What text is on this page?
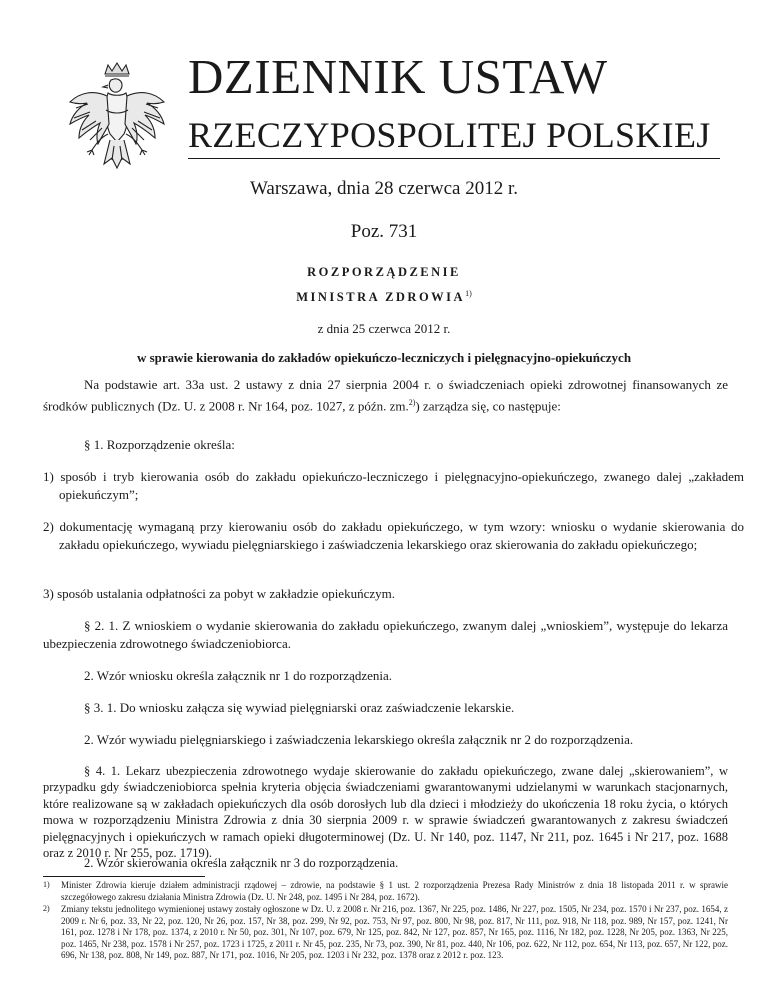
DZIENNIK USTAW
RZECZYPOSPOLITEJ POLSKIEJ
Warszawa, dnia 28 czerwca 2012 r.
Poz. 731
ROZPORZĄDZENIE
MINISTRA ZDROWIA$^{1)}$
z dnia 25 czerwca 2012 r.
w sprawie kierowania do zakładów opiekuńczo-leczniczych i pielęgnacyjno-opiekuńczych
Na podstawie art. 33a ust. 2 ustawy z dnia 27 sierpnia 2004 r. o świadczeniach opieki zdrowotnej finansowanych ze środków publicznych (Dz. U. z 2008 r. Nr 164, poz. 1027, z późn. zm.$^{2)}$) zarządza się, co następuje:
§ 1. Rozporządzenie określa:
1) sposób i tryb kierowania osób do zakładu opiekuńczo-leczniczego i pielęgnacyjno-opiekuńczego, zwanego dalej „zakładem opiekuńczym”;
2) dokumentację wymaganą przy kierowaniu osób do zakładu opiekuńczego, w tym wzory: wniosku o wydanie skierowania do zakładu opiekuńczego, wywiadu pielęgniarskiego i zaświadczenia lekarskiego oraz skierowania do zakładu opiekuńczego;
3) sposób ustalania odpłatności za pobyt w zakładzie opiekuńczym.
§ 2. 1. Z wnioskiem o wydanie skierowania do zakładu opiekuńczego, zwanym dalej „wnioskiem”, występuje do lekarza ubezpieczenia zdrowotnego świadczeniobiorca.
2. Wzór wniosku określa załącznik nr 1 do rozporządzenia.
§ 3. 1. Do wniosku załącza się wywiad pielęgniarski oraz zaświadczenie lekarskie.
2. Wzór wywiadu pielęgniarskiego i zaświadczenia lekarskiego określa załącznik nr 2 do rozporządzenia.
§ 4. 1. Lekarz ubezpieczenia zdrowotnego wydaje skierowanie do zakładu opiekuńczego, zwane dalej „skierowaniem”, w przypadku gdy świadczeniobiorca spełnia kryteria objęcia świadczeniami gwarantowanymi udzielanymi w warunkach stacjonarnych, które realizowane są w zakładach opiekuńczych dla osób dorosłych lub dla dzieci i młodzieży do ukończenia 18 roku życia, o których mowa w rozporządzeniu Ministra Zdrowia z dnia 30 sierpnia 2009 r. w sprawie świadczeń gwarantowanych z zakresu świadczeń pielęgnacyjnych i opiekuńczych w ramach opieki długoterminowej (Dz. U. Nr 140, poz. 1147, Nr 211, poz. 1645 i Nr 217, poz. 1688 oraz z 2010 r. Nr 255, poz. 1719).
2. Wzór skierowania określa załącznik nr 3 do rozporządzenia.
1) Minister Zdrowia kieruje działem administracji rządowej – zdrowie, na podstawie § 1 ust. 2 rozporządzenia Prezesa Rady Ministrów z dnia 18 listopada 2011 r. w sprawie szczegółowego zakresu działania Ministra Zdrowia (Dz. U. Nr 248, poz. 1495 i Nr 284, poz. 1672).
2) Zmiany tekstu jednolitego wymienionej ustawy zostały ogłoszone w Dz. U. z 2008 r. Nr 216, poz. 1367, Nr 225, poz. 1486, Nr 227, poz. 1505, Nr 234, poz. 1570 i Nr 237, poz. 1654, z 2009 r. Nr 6, poz. 33, Nr 22, poz. 120, Nr 26, poz. 157, Nr 38, poz. 299, Nr 92, poz. 753, Nr 97, poz. 800, Nr 98, poz. 817, Nr 111, poz. 918, Nr 118, poz. 989, Nr 157, poz. 1241, Nr 161, poz. 1278 i Nr 178, poz. 1374, z 2010 r. Nr 50, poz. 301, Nr 107, poz. 679, Nr 125, poz. 842, Nr 127, poz. 857, Nr 165, poz. 1116, Nr 182, poz. 1228, Nr 205, poz. 1363, Nr 225, poz. 1465, Nr 238, poz. 1578 i Nr 257, poz. 1723 i 1725, z 2011 r. Nr 45, poz. 235, Nr 73, poz. 390, Nr 81, poz. 440, Nr 106, poz. 622, Nr 112, poz. 654, Nr 113, poz. 657, Nr 122, poz. 696, Nr 138, poz. 808, Nr 149, poz. 887, Nr 171, poz. 1016, Nr 205, poz. 1203 i Nr 232, poz. 1378 oraz z 2012 r. poz. 123.
